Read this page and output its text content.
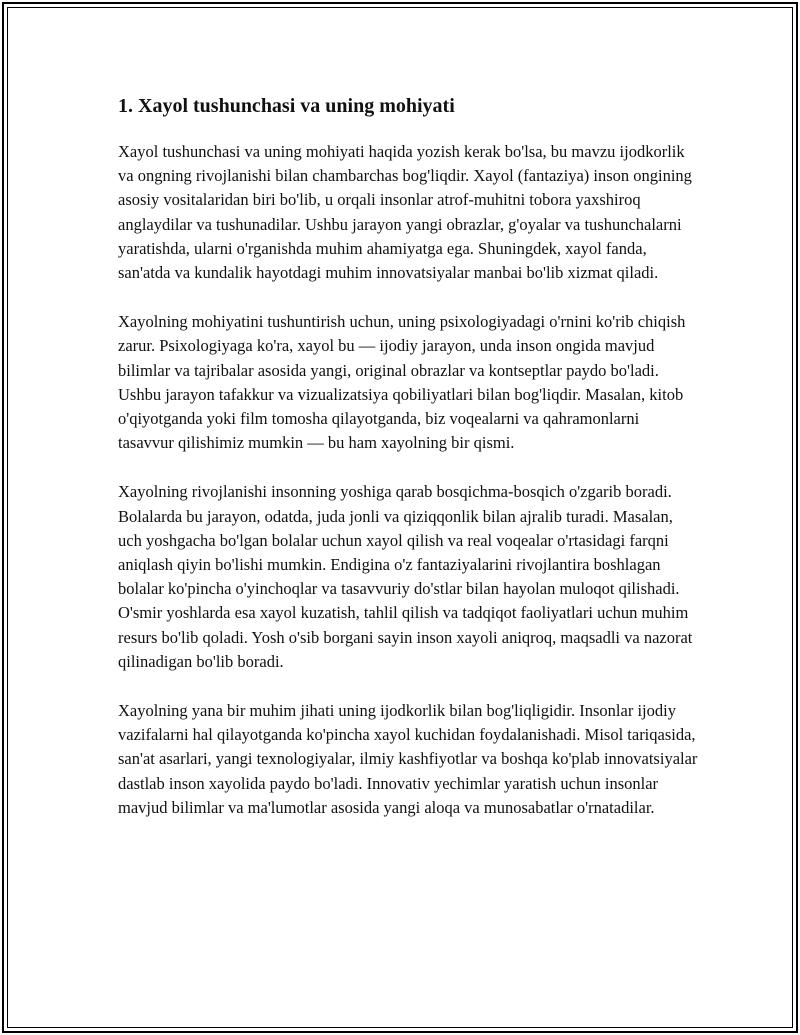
1. Xayol tushunchasi va uning mohiyati

Xayol tushunchasi va uning mohiyati haqida yozish kerak bo'lsa, bu mavzu ijodkorlik va ongning rivojlanishi bilan chambarchas bog'liqdir. Xayol (fantaziya) inson ongining asosiy vositalaridan biri bo'lib, u orqali insonlar atrof-muhitni tobora yaxshiroq anglaydilar va tushunadilar. Ushbu jarayon yangi obrazlar, g'oyalar va tushunchalarni yaratishda, ularni o'rganishda muhim ahamiyatga ega. Shuningdek, xayol fanda, san'atda va kundalik hayotdagi muhim innovatsiyalar manbai bo'lib xizmat qiladi.

Xayolning mohiyatini tushuntirish uchun, uning psixologiyadagi o'rnini ko'rib chiqish zarur. Psixologiyaga ko'ra, xayol bu — ijodiy jarayon, unda inson ongida mavjud bilimlar va tajribalar asosida yangi, original obrazlar va kontseptlar paydo bo'ladi. Ushbu jarayon tafakkur va vizualizatsiya qobiliyatlari bilan bog'liqdir. Masalan, kitob o'qiyotganda yoki film tomosha qilayotganda, biz voqealarni va qahramonlarni tasavvur qilishimiz mumkin — bu ham xayolning bir qismi.

Xayolning rivojlanishi insonning yoshiga qarab bosqichma-bosqich o'zgarib boradi. Bolalarda bu jarayon, odatda, juda jonli va qiziqqonlik bilan ajralib turadi. Masalan, uch yoshgacha bo'lgan bolalar uchun xayol qilish va real voqealar o'rtasidagi farqni aniqlash qiyin bo'lishi mumkin. Endigina o'z fantaziyalarini rivojlantira boshlagan bolalar ko'pincha o'yinchoqlar va tasavvuriy do'stlar bilan hayolan muloqot qilishadi. O'smir yoshlarda esa xayol kuzatish, tahlil qilish va tadqiqot faoliyatlari uchun muhim resurs bo'lib qoladi. Yosh o'sib borgani sayin inson xayoli aniqroq, maqsadli va nazorat qilinadigan bo'lib boradi.

Xayolning yana bir muhim jihati uning ijodkorlik bilan bog'liqligidir. Insonlar ijodiy vazifalarni hal qilayotganda ko'pincha xayol kuchidan foydalanishadi. Misol tariqasida, san'at asarlari, yangi texnologiyalar, ilmiy kashfiyotlar va boshqa ko'plab innovatsiyalar dastlab inson xayolida paydo bo'ladi. Innovativ yechimlar yaratish uchun insonlar mavjud bilimlar va ma'lumotlar asosida yangi aloqa va munosabatlar o'rnatadilar.
